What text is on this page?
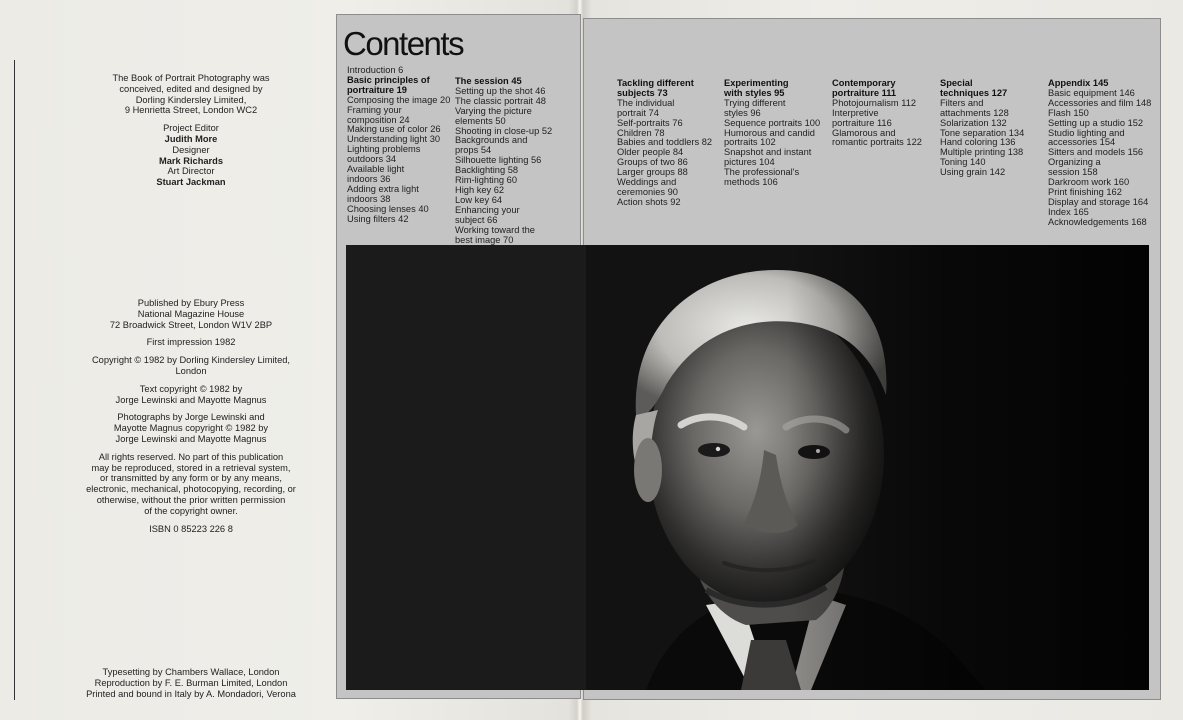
The Book of Portrait Photography was
conceived, edited and designed by
Dorling Kindersley Limited,
9 Henrietta Street, London WC2
Project Editor
Judith More
Designer
Mark Richards
Art Director
Stuart Jackman
Published by Ebury Press
National Magazine House
72 Broadwick Street, London W1V 2BP
First impression 1982
Copyright © 1982 by Dorling Kindersley Limited,
London
Text copyright © 1982 by
Jorge Lewinski and Mayotte Magnus
Photographs by Jorge Lewinski and
Mayotte Magnus copyright © 1982 by
Jorge Lewinski and Mayotte Magnus
All rights reserved. No part of this publication
may be reproduced, stored in a retrieval system,
or transmitted by any form or by any means,
electronic, mechanical, photocopying, recording, or
otherwise, without the prior written permission
of the copyright owner.
ISBN 0 85223 226 8
Typesetting by Chambers Wallace, London
Reproduction by F. E. Burman Limited, London
Printed and bound in Italy by A. Mondadori, Verona
Contents
Introduction 6
Basic principles of
portraiture 19
Composing the image 20
Framing your
composition 24
Making use of color 26
Understanding light 30
Lighting problems
outdoors 34
Available light
indoors 36
Adding extra light
indoors 38
Choosing lenses 40
Using filters 42
The session 45
Setting up the shot 46
The classic portrait 48
Varying the picture
elements 50
Shooting in close-up 52
Backgrounds and
props 54
Silhouette lighting 56
Backlighting 58
Rim-lighting 60
High key 62
Low key 64
Enhancing your
subject 66
Working toward the
best image 70
Tackling different
subjects 73
The individual
portrait 74
Self-portraits 76
Children 78
Babies and toddlers 82
Older people 84
Groups of two 86
Larger groups 88
Weddings and
ceremonies 90
Action shots 92
Experimenting
with styles 95
Trying different
styles 96
Sequence portraits 100
Humorous and candid
portraits 102
Snapshot and instant
pictures 104
The professional's
methods 106
Contemporary
portraiture 111
Photojournalism 112
Interpretive
portraiture 116
Glamorous and
romantic portraits 122
Special
techniques 127
Filters and
attachments 128
Solarization 132
Tone separation 134
Hand coloring 136
Multiple printing 138
Toning 140
Using grain 142
Appendix 145
Basic equipment 146
Accessories and film 148
Flash 150
Setting up a studio 152
Studio lighting and
accessories 154
Sitters and models 156
Organizing a
session 158
Darkroom work 160
Print finishing 162
Display and storage 164
Index 165
Acknowledgements 168
